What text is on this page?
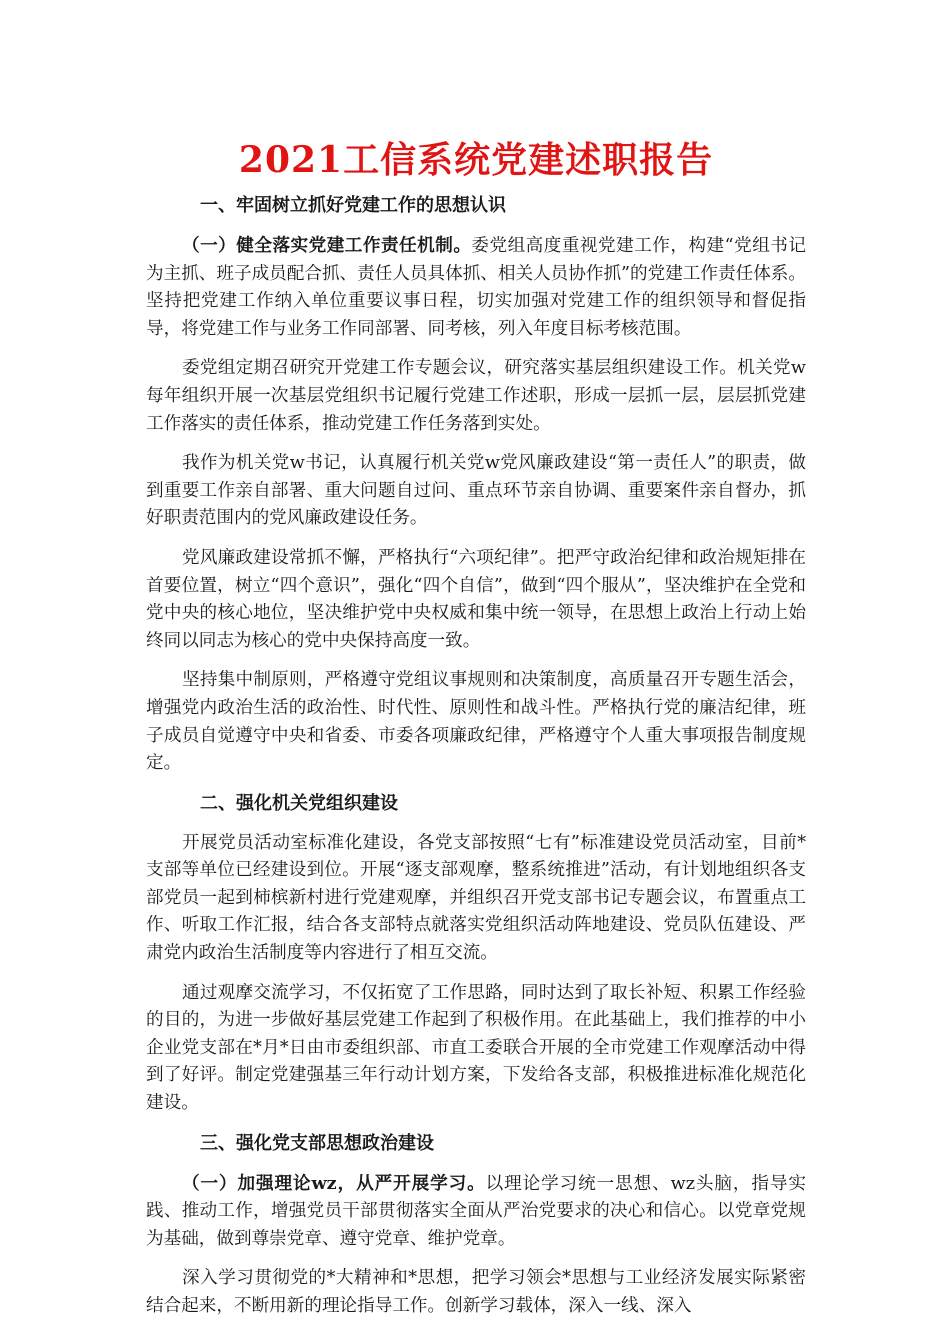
2021工信系统党建述职报告
一、牢固树立抓好党建工作的思想认识

（一）健全落实党建工作责任机制。委党组高度重视党建工作，构建“党组书记为主抓、班子成员配合抓、责任人员具体抓、相关人员协作抓”的党建工作责任体系。坚持把党建工作纳入单位重要议事日程，切实加强对党建工作的组织领导和督促指导，将党建工作与业务工作同部署、同考核，列入年度目标考核范围。

委党组定期召研究开党建工作专题会议，研究落实基层组织建设工作。机关党w每年组织开展一次基层党组织书记履行党建工作述职，形成一层抓一层，层层抓党建工作落实的责任体系，推动党建工作任务落到实处。

我作为机关党w书记，认真履行机关党w党风廉政建设“第一责任人”的职责，做到重要工作亲自部署、重大问题自过问、重点环节亲自协调、重要案件亲自督办，抓好职责范围内的党风廉政建设任务。

党风廉政建设常抓不懈，严格执行“六项纪律”。把严守政治纪律和政治规矩排在首要位置，树立“四个意识”，强化“四个自信”，做到“四个服从”，坚决维护在全党和党中央的核心地位，坚决维护党中央权威和集中统一领导，在思想上政治上行动上始终同以同志为核心的党中央保持高度一致。

坚持集中制原则，严格遵守党组议事规则和决策制度，高质量召开专题生活会，增强党内政治生活的政治性、时代性、原则性和战斗性。严格执行党的廉洁纪律，班子成员自觉遵守中央和省委、市委各项廉政纪律，严格遵守个人重大事项报告制度规定。

二、强化机关党组织建设

开展党员活动室标准化建设，各党支部按照“七有”标准建设党员活动室，目前*支部等单位已经建设到位。开展“逐支部观摩，整系统推进”活动，有计划地组织各支部党员一起到柿槟新村进行党建观摩，并组织召开党支部书记专题会议，布置重点工作、听取工作汇报，结合各支部特点就落实党组织活动阵地建设、党员队伍建设、严肃党内政治生活制度等内容进行了相互交流。

通过观摩交流学习，不仅拓宽了工作思路，同时达到了取长补短、积累工作经验的目的，为进一步做好基层党建工作起到了积极作用。在此基础上，我们推荐的中小企业党支部在*月*日由市委组织部、市直工委联合开展的全市党建工作观摩活动中得到了好评。制定党建强基三年行动计划方案，下发给各支部，积极推进标准化规范化建设。

三、强化党支部思想政治建设

（一）加强理论wz，从严开展学习。以理论学习统一思想、wz头脑，指导实践、推动工作，增强党员干部贯彻落实全面从严治党要求的决心和信心。以党章党规为基础，做到尊崇党章、遵守党章、维护党章。

深入学习贯彻党的*大精神和*思想，把学习领会*思想与工业经济发展实际紧密结合起来，不断用新的理论指导工作。创新学习载体，深入一线、深入
